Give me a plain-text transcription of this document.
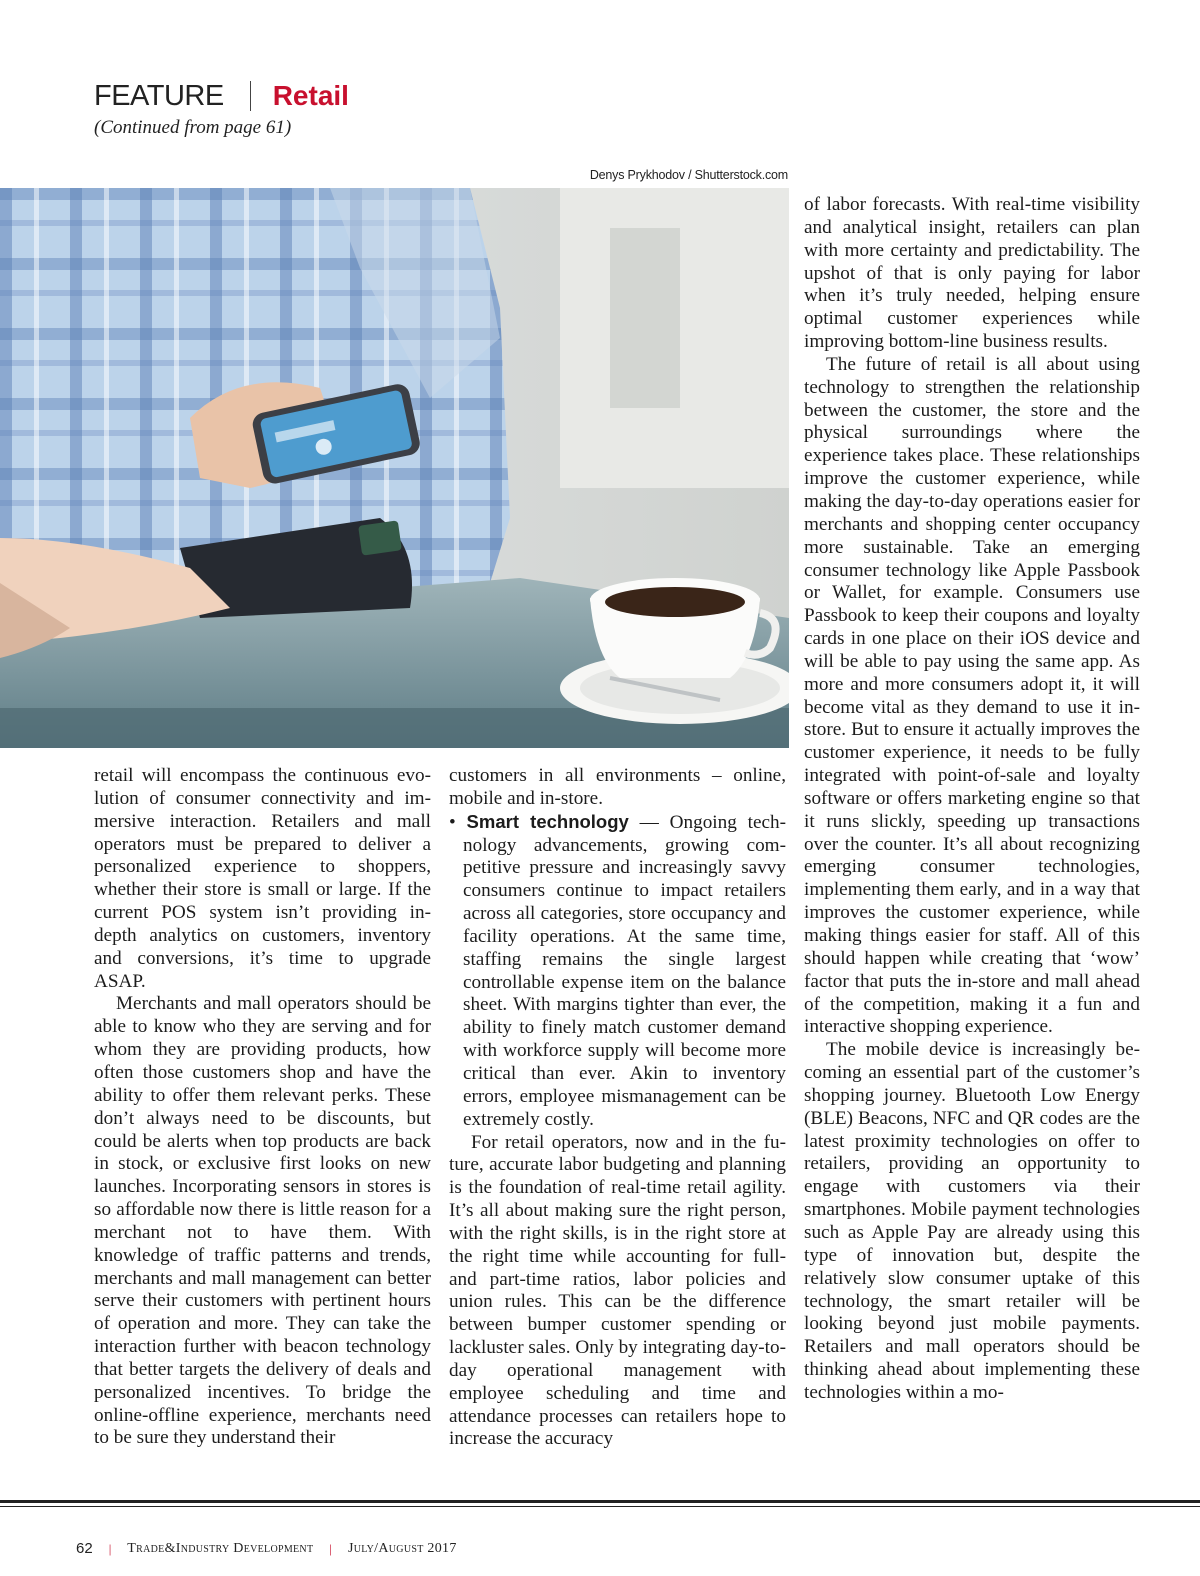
FEATURE Retail
(Continued from page 61)
Denys Prykhodov / Shutterstock.com

retail will encompass the continuous evolution of consumer connectivity and immersive interaction. Retailers and mall operators must be prepared to deliver a personalized experience to shoppers, whether their store is small or large. If the current POS system isn’t providing in-depth analytics on customers, inventory and conversions, it’s time to upgrade ASAP.

Merchants and mall operators should be able to know who they are serving and for whom they are providing products, how often those customers shop and have the ability to offer them relevant perks. These don’t always need to be discounts, but could be alerts when top products are back in stock, or exclusive first looks on new launches. Incorporating sensors in stores is so affordable now there is little reason for a merchant not to have them. With knowledge of traffic patterns and trends, merchants and mall management can better serve their customers with pertinent hours of operation and more. They can take the interaction further with beacon technology that better targets the delivery of deals and personalized incentives. To bridge the online-offline experience, merchants need to be sure they understand their

customers in all environments – online, mobile and in-store.

• Smart technology — Ongoing technology advancements, growing competitive pressure and increasingly savvy consumers continue to impact retailers across all categories, store occupancy and facility operations. At the same time, staffing remains the single largest controllable expense item on the balance sheet. With margins tighter than ever, the ability to finely match customer demand with workforce supply will become more critical than ever. Akin to inventory errors, employee mismanagement can be extremely costly.

For retail operators, now and in the future, accurate labor budgeting and planning is the foundation of real-time retail agility. It’s all about making sure the right person, with the right skills, is in the right store at the right time while accounting for full- and part-time ratios, labor policies and union rules. This can be the difference between bumper customer spending or lackluster sales. Only by integrating day-to-day operational management with employee scheduling and time and attendance processes can retailers hope to increase the accuracy

of labor forecasts. With real-time visibility and analytical insight, retailers can plan with more certainty and predictability. The upshot of that is only paying for labor when it’s truly needed, helping ensure optimal customer experiences while improving bottom-line business results.

The future of retail is all about using technology to strengthen the relationship between the customer, the store and the physical surroundings where the experience takes place. These relationships improve the customer experience, while making the day-to-day operations easier for merchants and shopping center occupancy more sustainable. Take an emerging consumer technology like Apple Passbook or Wallet, for example. Consumers use Passbook to keep their coupons and loyalty cards in one place on their iOS device and will be able to pay using the same app. As more and more consumers adopt it, it will become vital as they demand to use it in-store. But to ensure it actually improves the customer experience, it needs to be fully integrated with point-of-sale and loyalty software or offers marketing engine so that it runs slickly, speeding up transactions over the counter. It’s all about recognizing emerging consumer technologies, implementing them early, and in a way that improves the customer experience, while making things easier for staff. All of this should happen while creating that ‘wow’ factor that puts the in-store and mall ahead of the competition, making it a fun and interactive shopping experience.

The mobile device is increasingly becoming an essential part of the customer’s shopping journey. Bluetooth Low Energy (BLE) Beacons, NFC and QR codes are the latest proximity technologies on offer to retailers, providing an opportunity to engage with customers via their smartphones. Mobile payment technologies such as Apple Pay are already using this type of innovation but, despite the relatively slow consumer uptake of this technology, the smart retailer will be looking beyond just mobile payments. Retailers and mall operators should be thinking ahead about implementing these technologies within a mo-

62 | Trade&Industry Development | July/August 2017
